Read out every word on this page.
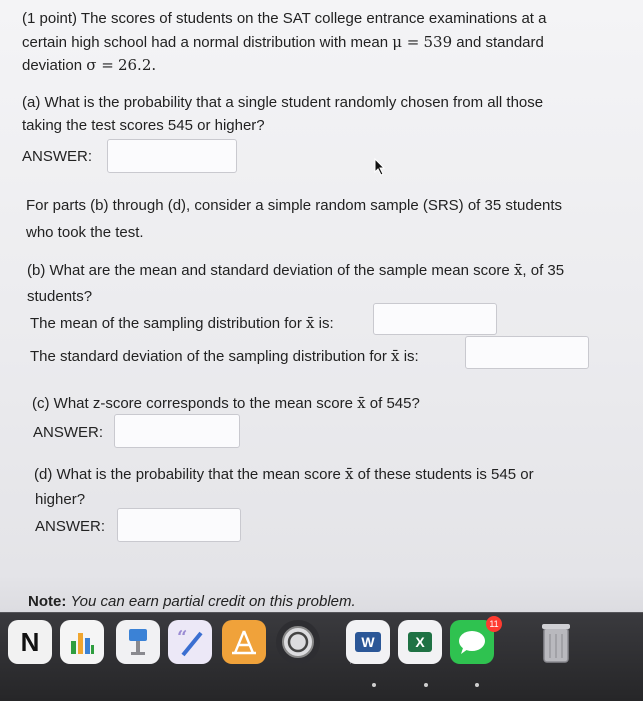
(1 point) The scores of students on the SAT college entrance examinations at a
certain high school had a normal distribution with mean μ = 539 and standard
deviation σ = 26.2.
(a) What is the probability that a single student randomly chosen from all those
taking the test scores 545 or higher?
ANSWER:
For parts (b) through (d), consider a simple random sample (SRS) of 35 students
who took the test.
(b) What are the mean and standard deviation of the sample mean score x̄, of 35
students?
The mean of the sampling distribution for x̄ is:
The standard deviation of the sampling distribution for x̄ is:
(c) What z-score corresponds to the mean score x̄ of 545?
ANSWER:
(d) What is the probability that the mean score x̄ of these students is 545 or
higher?
ANSWER:
Note: You can earn partial credit on this problem.
N	“	W	X
11
